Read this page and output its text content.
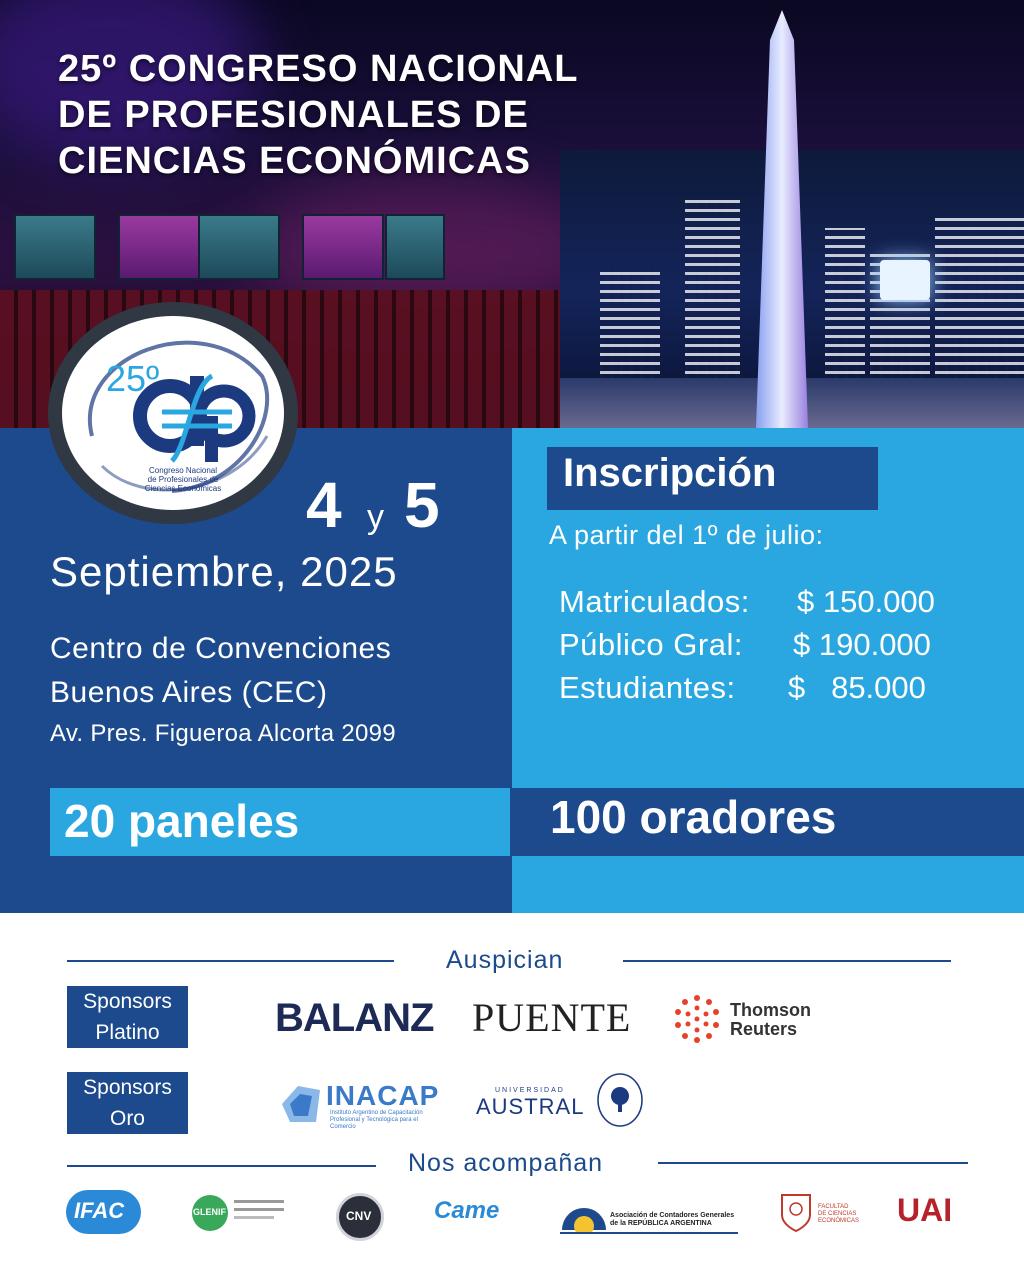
25º CONGRESO NACIONAL
DE PROFESIONALES DE
CIENCIAS ECONÓMICAS
25º
Congreso Nacional
de Profesionales de
Ciencias Económicas 4 y 5
Septiembre, 2025
Centro de Convenciones
Buenos Aires (CEC)
Av. Pres. Figueroa Alcorta 2099
Inscripción
A partir del 1º de julio:
Matriculados: $ 150.000
Público Gral: $ 190.000
Estudiantes: $   85.000
20 paneles	100 oradores
Auspician
Sponsors
Platino
Sponsors
Oro
BALANZ PUENTE	Thomson
Reuters
INACAP
Instituto Argentino de Capacitación Profesional y Tecnológica para el Comercio
UNIVERSIDAD
AUSTRAL
Nos acompañan
IFAC	GLENIF	CNV	Came	Asociación de Contadores Generales
de la REPÚBLICA ARGENTINA
FACULTAD
DE CIENCIAS
ECONÓMICAS UAI
